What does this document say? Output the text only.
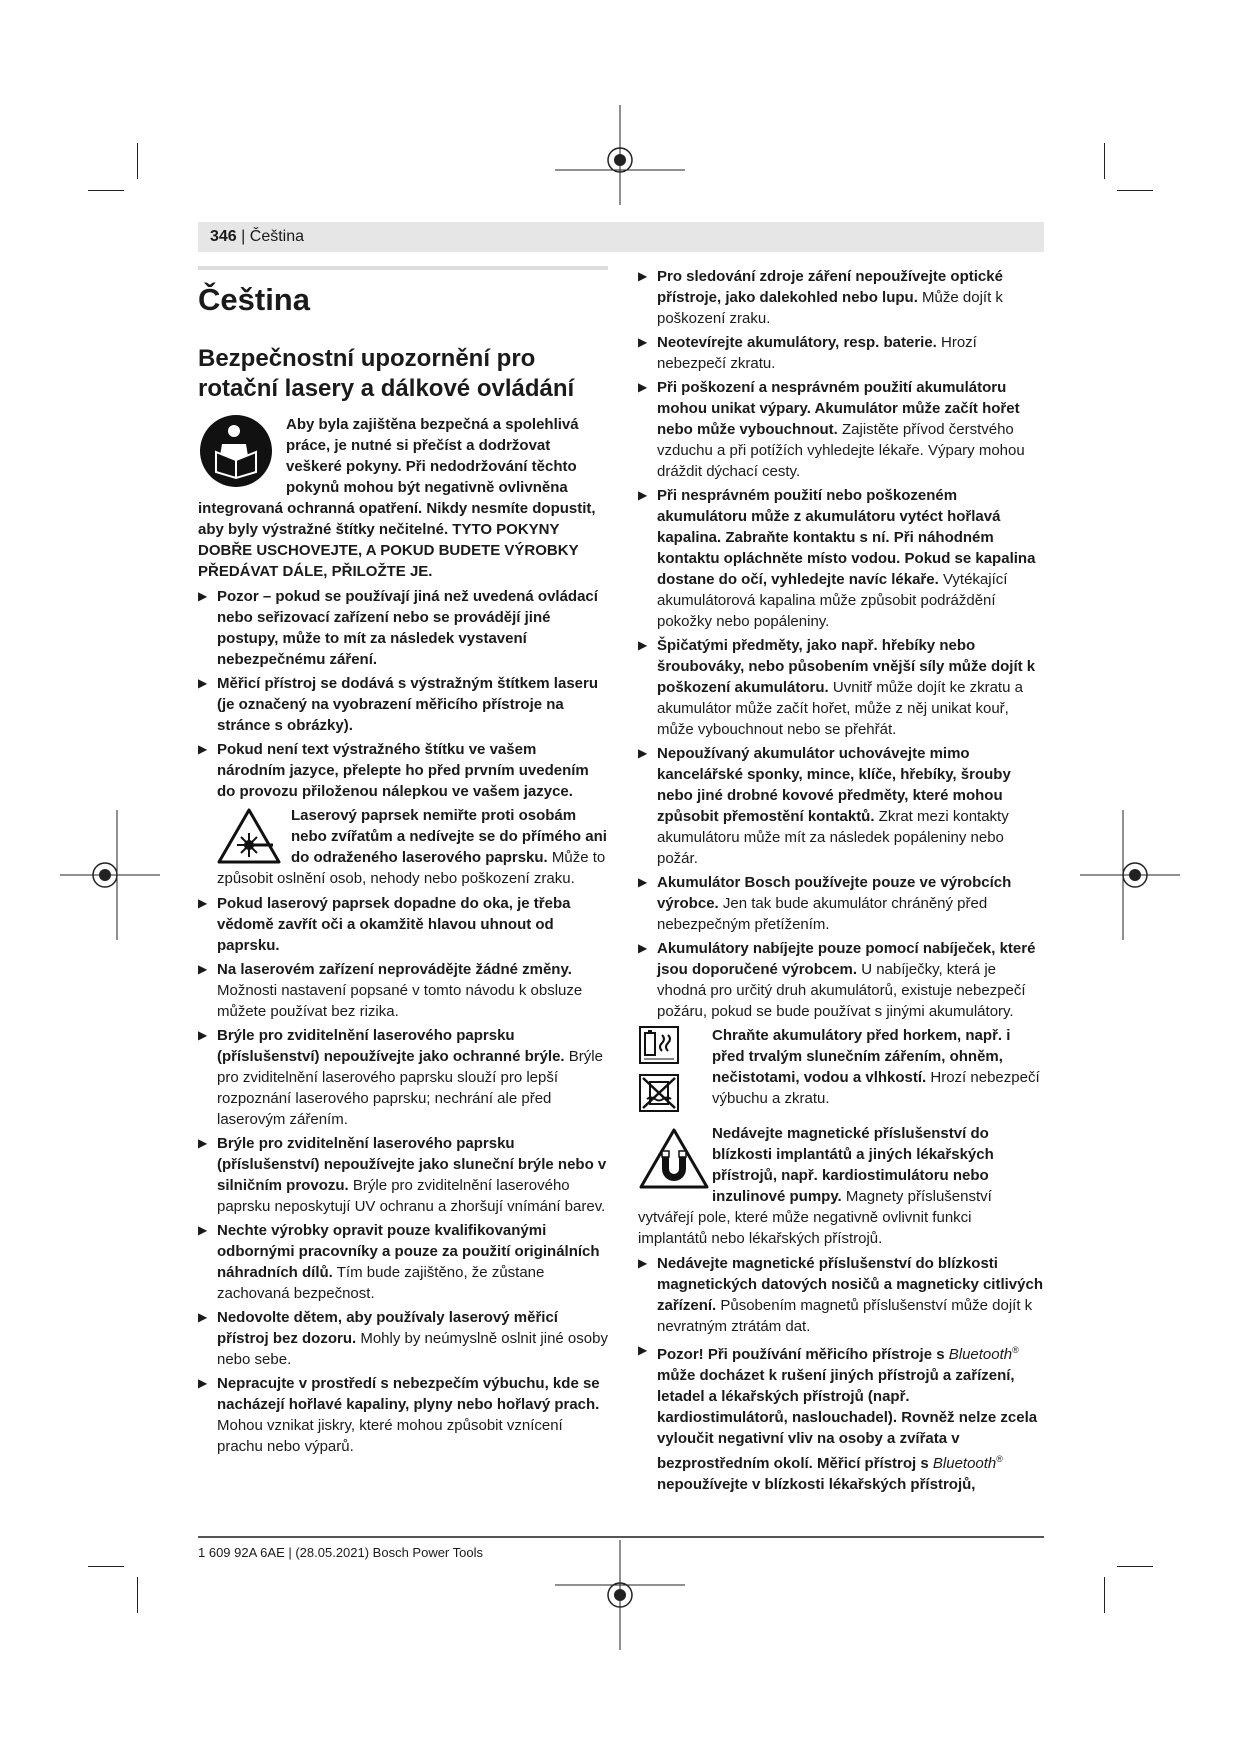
346 | Čeština
Čeština
Bezpečnostní upozornění pro rotační lasery a dálkové ovládání
Aby byla zajištěna bezpečná a spolehlivá práce, je nutné si přečíst a dodržovat veškeré pokyny. Při nedodržování těchto pokynů mohou být negativně ovlivněna integrovaná ochranná opatření. Nikdy nesmíte dopustit, aby byly výstražné štítky nečitelné. TYTO POKYNY DOBŘE USCHOVEJTE, A POKUD BUDETE VÝROBKY PŘEDÁVAT DÁLE, PŘILOŽTE JE.
▶ Pozor – pokud se používají jiná než uvedená ovládací nebo seřizovací zařízení nebo se provádějí jiné postupy, může to mít za následek vystavení nebezpečnému záření.
▶ Měřicí přístroj se dodává s výstražným štítkem laseru (je označený na vyobrazení měřicího přístroje na stránce s obrázky).
▶ Pokud není text výstražného štítku ve vašem národním jazyce, přelepte ho před prvním uvedením do provozu přiloženou nálepkou ve vašem jazyce.
Laserový paprsek nemiřte proti osobám nebo zvířatům a nedívejte se do přímého ani do odraženého laserového paprsku. Může to způsobit oslnění osob, nehody nebo poškození zraku.
▶ Pokud laserový paprsek dopadne do oka, je třeba vědomě zavřít oči a okamžitě hlavou uhnout od paprsku.
▶ Na laserovém zařízení neprovádějte žádné změny. Možnosti nastavení popsané v tomto návodu k obsluze můžete používat bez rizika.
▶ Brýle pro zviditelnění laserového paprsku (příslušenství) nepoužívejte jako ochranné brýle. Brýle pro zviditelnění laserového paprsku slouží pro lepší rozpoznání laserového paprsku; nechrání ale před laserovým zářením.
▶ Brýle pro zviditelnění laserového paprsku (příslušenství) nepoužívejte jako sluneční brýle nebo v silničním provozu. Brýle pro zviditelnění laserového paprsku neposkytují UV ochranu a zhoršují vnímání barev.
▶ Nechte výrobky opravit pouze kvalifikovanými odbornými pracovníky a pouze za použití originálních náhradních dílů. Tím bude zajištěno, že zůstane zachovaná bezpečnost.
▶ Nedovolte dětem, aby používaly laserový měřicí přístroj bez dozoru. Mohly by neúmyslně oslnit jiné osoby nebo sebe.
▶ Nepracujte v prostředí s nebezpečím výbuchu, kde se nacházejí hořlavé kapaliny, plyny nebo hořlavý prach. Mohou vznikat jiskry, které mohou způsobit vznícení prachu nebo výparů.
▶ Pro sledování zdroje záření nepoužívejte optické přístroje, jako dalekohled nebo lupu. Může dojít k poškození zraku.
▶ Neotevírejte akumulátory, resp. baterie. Hrozí nebezpečí zkratu.
▶ Při poškození a nesprávném použití akumulátoru mohou unikat výpary. Akumulátor může začít hořet nebo může vybouchnout. Zajistěte přívod čerstvého vzduchu a při potížích vyhledejte lékaře. Výpary mohou dráždit dýchací cesty.
▶ Při nesprávném použití nebo poškozeném akumulátoru může z akumulátoru vytéct hořlavá kapalina. Zabraňte kontaktu s ní. Při náhodném kontaktu opláchněte místo vodou. Pokud se kapalina dostane do očí, vyhledejte navíc lékaře. Vytékající akumulátorová kapalina může způsobit podráždění pokožky nebo popáleniny.
▶ Špičatými předměty, jako např. hřebíky nebo šroubováky, nebo působením vnější síly může dojít k poškození akumulátoru. Uvnitř může dojít ke zkratu a akumulátor může začít hořet, může z něj unikat kouř, může vybouchnout nebo se přehřát.
▶ Nepoužívaný akumulátor uchovávejte mimo kancelářské sponky, mince, klíče, hřebíky, šrouby nebo jiné drobné kovové předměty, které mohou způsobit přemostění kontaktů. Zkrat mezi kontakty akumulátoru může mít za následek popáleniny nebo požár.
▶ Akumulátor Bosch používejte pouze ve výrobcích výrobce. Jen tak bude akumulátor chráněný před nebezpečným přetížením.
▶ Akumulátory nabíjejte pouze pomocí nabíječek, které jsou doporučené výrobcem. U nabíječky, která je vhodná pro určitý druh akumulátorů, existuje nebezpečí požáru, pokud se bude používat s jinými akumulátory.

Chraňte akumulátory před horkem, např. i před trvalým slunečním zářením, ohněm, nečistotami, vodou a vlhkostí. Hrozí nebezpečí výbuchu a zkratu.
Nedávejte magnetické příslušenství do blízkosti implantátů a jiných lékařských přístrojů, např. kardiostimulátoru nebo inzulinové pumpy. Magnety příslušenství vytvářejí pole, které může negativně ovlivnit funkci implantátů nebo lékařských přístrojů.
▶ Nedávejte magnetické příslušenství do blízkosti magnetických datových nosičů a magneticky citlivých zařízení. Působením magnetů příslušenství může dojít k nevratným ztrátám dat.
▶ Pozor! Při používání měřicího přístroje s Bluetooth® může docházet k rušení jiných přístrojů a zařízení, letadel a lékařských přístrojů (např. kardiostimulátorů, naslouchadel). Rovněž nelze zcela vyloučit negativní vliv na osoby a zvířata v bezprostředním okolí. Měřicí přístroj s Bluetooth® nepoužívejte v blízkosti lékařských přístrojů,
1 609 92A 6AE | (28.05.2021) Bosch Power Tools
